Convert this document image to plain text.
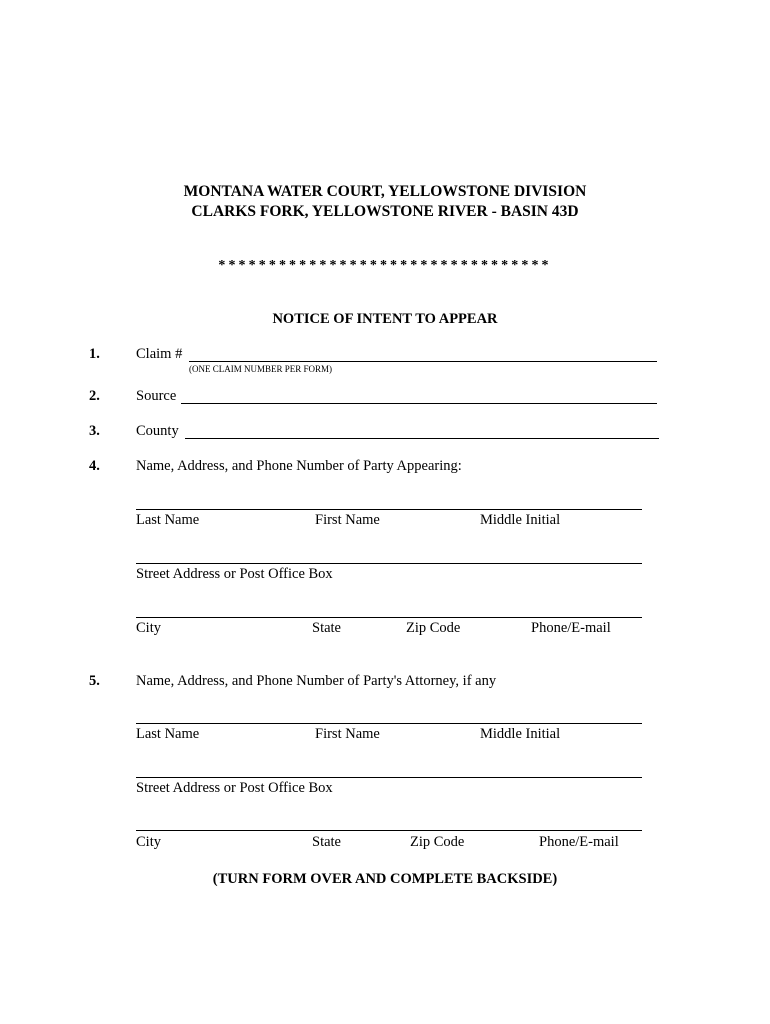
MONTANA WATER COURT, YELLOWSTONE DIVISION
CLARKS FORK, YELLOWSTONE RIVER - BASIN 43D
*********************************
NOTICE OF INTENT TO APPEAR
1. Claim #
(ONE CLAIM NUMBER PER FORM)
2. Source
3. County
4. Name, Address, and Phone Number of Party Appearing:
Last Name	First Name	Middle Initial
Street Address or Post Office Box
City	State	Zip Code	Phone/E-mail
5. Name, Address, and Phone Number of Party's Attorney, if any
Last Name	First Name	Middle Initial
Street Address or Post Office Box
City	State	Zip Code	Phone/E-mail
(TURN FORM OVER AND COMPLETE BACKSIDE)
